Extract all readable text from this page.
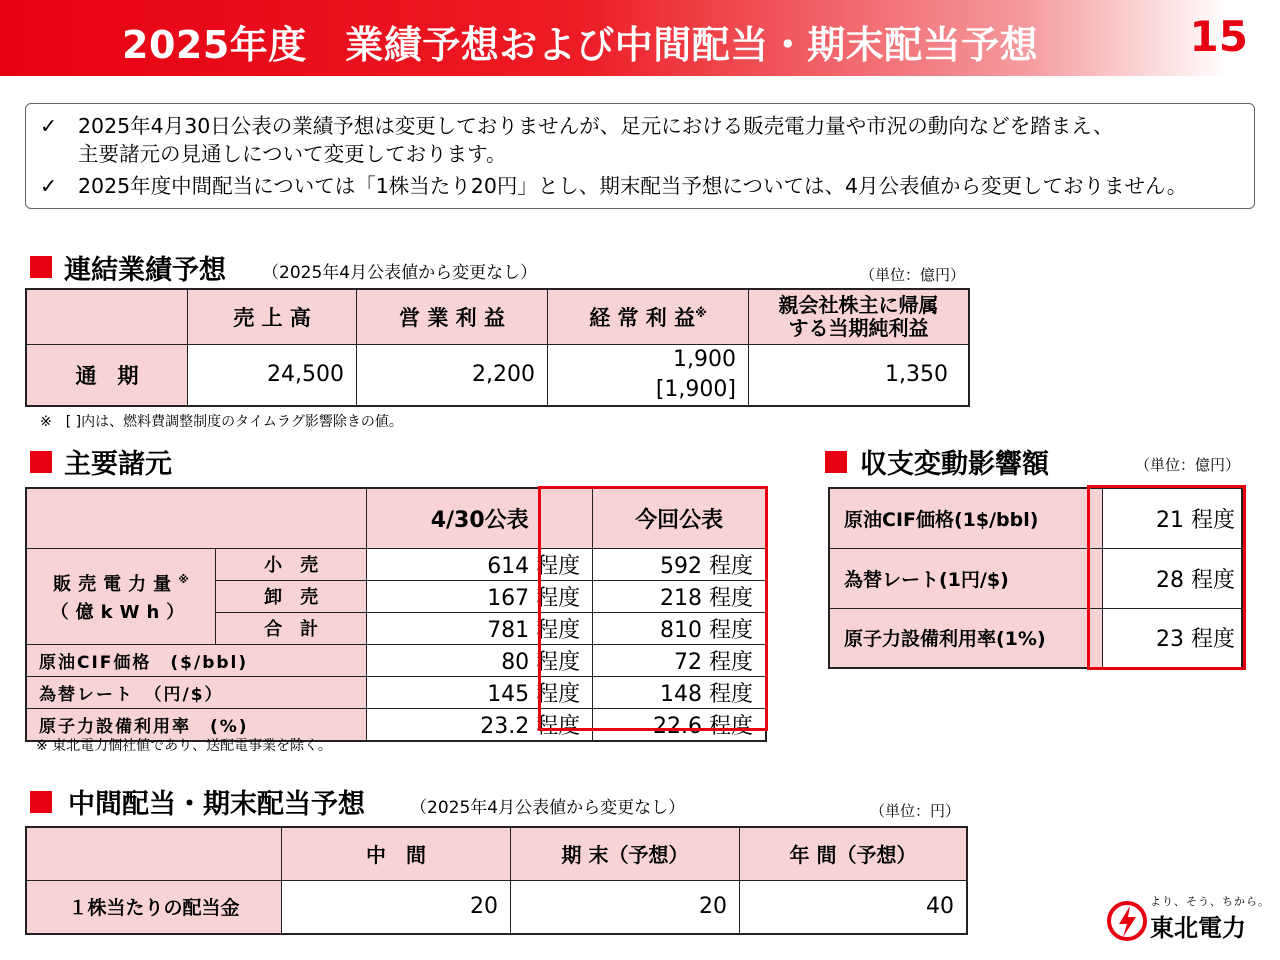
2025年度　業績予想および中間配当・期末配当予想	15
✓ 2025年4月30日公表の業績予想は変更しておりませんが、足元における販売電力量や市況の動向などを踏まえ、
主要諸元の見通しについて変更しております。
✓ 2025年度中間配当については「1株当たり20円」とし、期末配当予想については、4月公表値から変更しておりません。
連結業績予想 （2025年4月公表値から変更なし）	（単位：億円）
	売 上 高	営 業 利 益	経 常 利 益※	親会社株主に帰属
する当期純利益

通　期	24,500	2,200	1,900
[1,900]	1,350
※　[ ]内は、燃料費調整制度のタイムラグ影響除きの値。
主要諸元
		4/30公表	今回公表

販売電力量※
（億kWh）	小　売	614 程度	592 程度
	卸　売	167 程度	218 程度
	合　計	781 程度	810 程度
原油CIF価格　($/bbl)		80 程度	72 程度
為替レート　（円/$）		145 程度	148 程度
原子力設備利用率　(%)		23.2 程度	22.6 程度
※ 東北電力個社値であり、送配電事業を除く。
収支変動影響額	（単位：億円）
原油CIF価格(1$/bbl)	21 程度
為替レート(1円/$)	28 程度
原子力設備利用率(1%)	23 程度
中間配当・期末配当予想	（2025年4月公表値から変更なし）	（単位：円）
	中　間	期 末（予想）	年 間（予想）
１株当たりの配当金	20	20	40	より、そう、ちから。
東北電力
